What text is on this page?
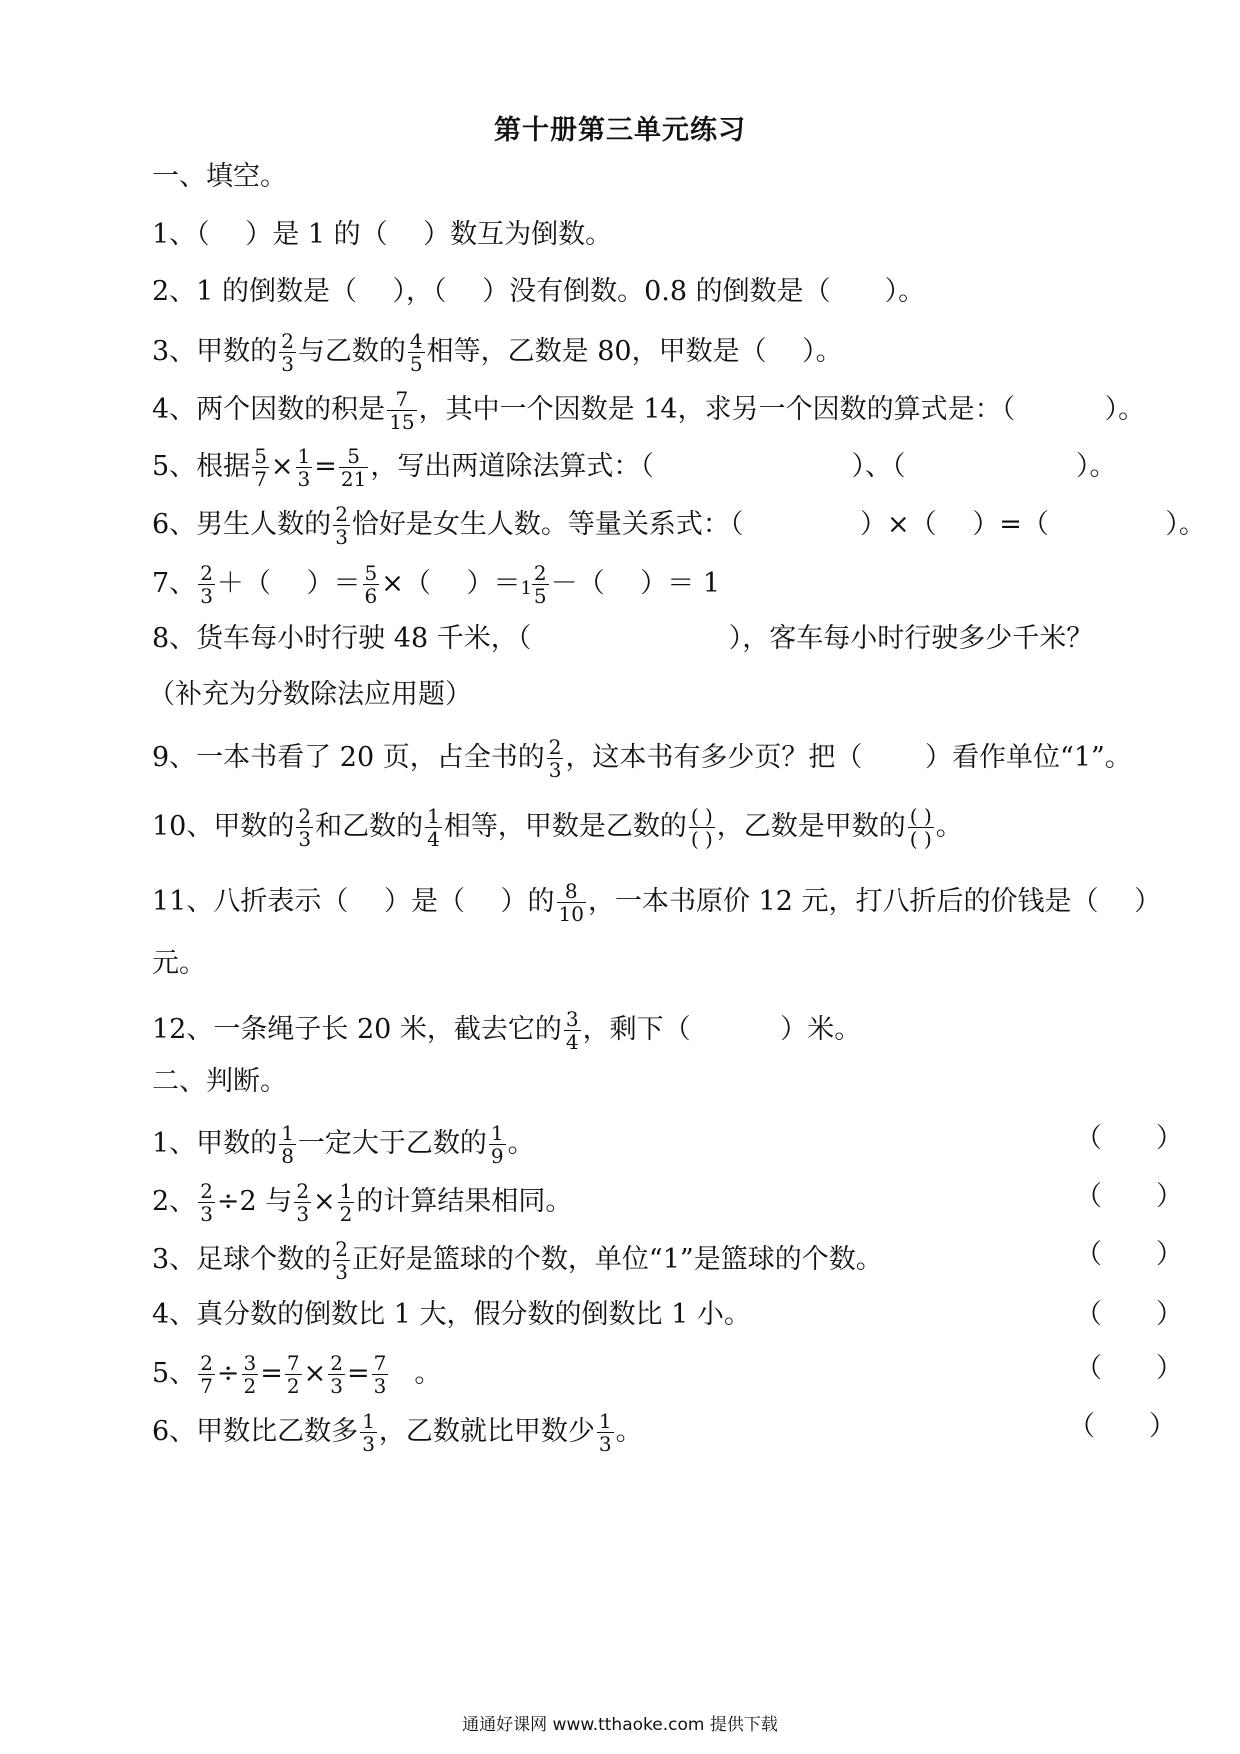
第十册第三单元练习
一、填空。
1、（　 ）是 1 的（　 ）数互为倒数。
2、1 的倒数是（　 ），（　 ）没有倒数。0.8 的倒数是（　　）。
3、甲数的 $\frac{2}{3}$ 与乙数的 $\frac{4}{5}$ 相等，乙数是 80，甲数是（　 ）。
4、两个因数的积是 $\frac{7}{15}$ ，其中一个因数是 14，求另一个因数的算式是：（　　　 ）。
5、根据 $\frac{5}{7} \times \frac{1}{3} = \frac{5}{21}$ ，写出两道除法算式：（　　　　　　　 ）、（　　　　　　 ）。
6、男生人数的 $\frac{2}{3}$ 恰好是女生人数。等量关系式：（　　　　 ）×（　 ）=（　　　　 ）。
7、 $\frac{2}{3}$ ＋（　 ）＝ $\frac{5}{6}$ ×（　 ）＝ $1 \frac{2}{5}$ －（　 ）＝ 1
8、货车每小时行驶 48 千米，（　　　　　　　 ），客车每小时行驶多少千米？
（补充为分数除法应用题）
9、一本书看了 20 页，占全书的 $\frac{2}{3}$ ，这本书有多少页？把（　　 ）看作单位“1”。
10、甲数的 $\frac{2}{3}$ 和乙数的 $\frac{1}{4}$ 相等，甲数是乙数的 $\frac{( )}{( )}$ ，乙数是甲数的 $\frac{( )}{( )}$ 。
11、八折表示（　 ）是（　 ）的 $\frac{8}{10}$ ，一本书原价 12 元，打八折后的价钱是（　 ）
元。
12、一条绳子长 20 米，截去它的 $\frac{3}{4}$ ，剩下（　　　 ）米。
二、判断。
1、甲数的 $\frac{1}{8}$ 一定大于乙数的 $\frac{1}{9}$ 。	（　　）
2、 $\frac{2}{3} \div 2$ 与 $\frac{2}{3} \times \frac{1}{2}$ 的计算结果相同。	（　　）
3、足球个数的 $\frac{2}{3}$ 正好是篮球的个数，单位“1”是篮球的个数。	（　　）
4、真分数的倒数比 1 大，假分数的倒数比 1 小。	（　　）
5、 $\frac{2}{7} \div \frac{3}{2} = \frac{7}{2} \times \frac{2}{3} = \frac{7}{3}$ 。	（　　）
6、甲数比乙数多 $\frac{1}{3}$ ，乙数就比甲数少 $\frac{1}{3}$ 。	（　　）
通通好课网 www.tthaoke.com 提供下载
